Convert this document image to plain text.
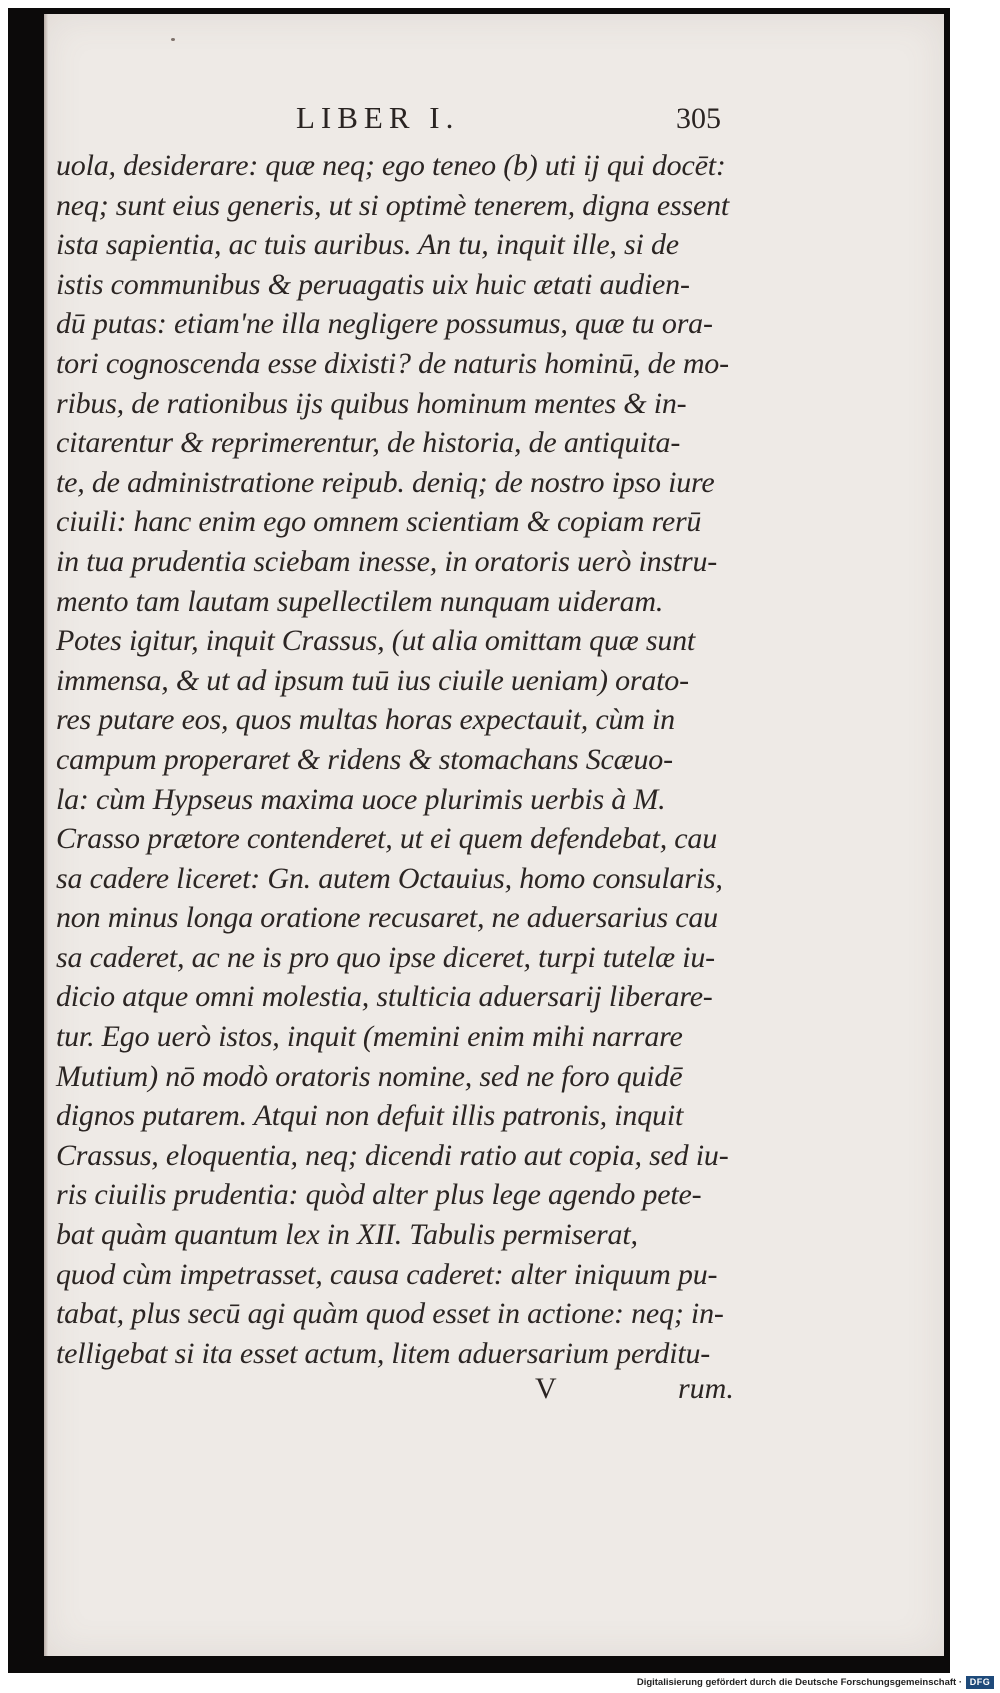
LIBER I.	305
uola, desiderare: quæ neq; ego teneo (b) uti ij qui docēt:
neq; sunt eius generis, ut si optimè tenerem, digna essent
ista sapientia, ac tuis auribus. An tu, inquit ille, si de
istis communibus & peruagatis uix huic ætati audien-
dū putas: etiam'ne illa negligere possumus, quæ tu ora-
tori cognoscenda esse dixisti? de naturis hominū, de mo-
ribus, de rationibus ijs quibus hominum mentes & in-
citarentur & reprimerentur, de historia, de antiquita-
te, de administratione reipub. deniq; de nostro ipso iure
ciuili: hanc enim ego omnem scientiam & copiam rerū
in tua prudentia sciebam inesse, in oratoris uerò instru-
mento tam lautam supellectilem nunquam uideram.
Potes igitur, inquit Crassus, (ut alia omittam quæ sunt
immensa, & ut ad ipsum tuū ius ciuile ueniam) orato-
res putare eos, quos multas horas expectauit, cùm in
campum properaret & ridens & stomachans Scæuo-
la: cùm Hypseus maxima uoce plurimis uerbis à M.
Crasso prætore contenderet, ut ei quem defendebat, cau
sa cadere liceret: Gn. autem Octauius, homo consularis,
non minus longa oratione recusaret, ne aduersarius cau
sa caderet, ac ne is pro quo ipse diceret, turpi tutelæ iu-
dicio atque omni molestia, stulticia aduersarij liberare-
tur. Ego uerò istos, inquit (memini enim mihi narrare
Mutium) nō modò oratoris nomine, sed ne foro quidē
dignos putarem. Atqui non defuit illis patronis, inquit
Crassus, eloquentia, neq; dicendi ratio aut copia, sed iu-
ris ciuilis prudentia: quòd alter plus lege agendo pete-
bat quàm quantum lex in XII. Tabulis permiserat,
quod cùm impetrasset, causa caderet: alter iniquum pu-
tabat, plus secū agi quàm quod esset in actione: neq; in-
telligebat si ita esset actum, litem aduersarium perditu-
V	rum.
Digitalisierung gefördert durch die Deutsche Forschungsgemeinschaft · DFG
